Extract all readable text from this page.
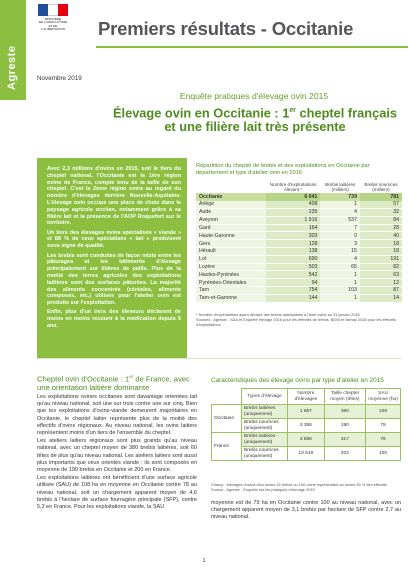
Agreste
MINISTÈRE
DE L'AGRICULTURE
ET DE
L'ALIMENTATION Premiers résultats - Occitanie
Novembre 2019
Enquête pratiques d'élevage ovin 2015
Élevage ovin en Occitanie : 1er cheptel français et une filière lait très présente

Avec 2,3 millions d'ovins en 2015, soit le tiers du cheptel national, l'Occitanie est la 1ère région ovine de France, compte tenu de la taille de son cheptel. C'est la 2ème région ovine au regard du nombre d'élevages derrière Nouvelle-Aquitaine. L'élevage ovin occupe une place de choix dans le paysage agricole occitan, notamment grâce à sa filière lait et la présence de l'AOP Roquefort sur le territoire.

Un tiers des élevages ovins spécialisés « viande » et 88 % de ceux spécialisés « lait » produisent sous signe de qualité.

Les brebis sont conduites de façon mixte entre les pâturages et les bâtiments d'élevage principalement sur litières de paille. Plus de la moitié des terres agricoles des exploitations laitières sont des surfaces pâturées. La majorité des aliments concentrés (céréales, aliments composés, etc.) utilisée pour l'atelier ovin est produite sur l'exploitation.

Enfin, plus d'un tiers des éleveurs déclarent de moins en moins recourir à la médication depuis 5 ans.

Répartition du cheptel de brebis et des exploitations en Occitanie par département et type d'atelier ovin en 2016
	Nombre d'exploitations élevant *	Brebis laitières (milliers)	Brebis nourrices (milliers)
Occitanie	6 041	739	781
Ariège	408	1	57
Aude	235	4	32
Aveyron	1 916	537	84
Gard	164	7	28
Haute-Garonne	303	0	40
Gers	128	3	18
Hérault	138	15	18
Lot	690	4	191
Lozère	503	65	82
Hautes-Pyrénées	542	1	63
Pyrénées-Orientales	94	1	12
Tarn	754	103	87
Tarn-et-Garonne	144	1	14
* Nombre d'exploitations ayant déclaré des brebis admissibles à l'aide ovine au 31 janvier 2016
Sources : Agreste - SAA et Enquête élevage 2016 pour les effectifs de brebis, BDNI et Isimap 2016 pour les effectifs d'exploitations
Cheptel ovin d'Occitanie : 1er de France, avec une orientation laitière dominante

Les exploitations ovines occitanes sont davantage orientées lait qu'au niveau national, soit une sur trois contre une sur cinq. Bien que les exploitations d'ovins-viande demeurent majoritaires en Occitanie, le cheptel laitier représente plus de la moitié des effectifs d'ovins régionaux. Au niveau national, les ovins laitiers représentent moins d'un tiers de l'ensemble du cheptel.

Les ateliers laitiers régionaux sont plus grands qu'au niveau national, avec un cheptel moyen de 380 brebis laitières, soit 60 têtes de plus qu'au niveau national. Les ateliers laitiers sont aussi plus importants que ceux orientés viande : ils sont composés en moyenne de 190 brebis en Occitanie et 200 en France.

Les exploitations laitières ont bénéficient d'une surface agricole utilisée (SAU) de 108 ha en moyenne en Occitanie contre 78 au niveau national, soit un chargement apparent moyen de 4,6 brebis à l'hectare de surface fourragère principale (SFP), contre 5,2 en France. Pour les exploitations viande, la SAU

Caractéristiques des élevage ovins par type d'atelier en 2015
	Types d'élevage	Nombre d'élevages	Taille cheptel moyen (têtes)	SAU moyenne (ha)
Occitanie	Brebis laitières (uniquement)	1 667	380	108
	Brebis nourrices (uniquement)	3 355	190	79
France	Brebis laitières (uniquement)	3 896	317	78
	Brebis nourrices (uniquement)	13 619	202	100
Champ : élevages d'ovins d'au moins 25 brebis ou 100 ovins représentant au moins 95 % des effectifs
Source : Agreste - Enquête sur les pratiques d'élevage 2015

moyenne est de 79 ha en Occitanie contre 100 au niveau national, avec un chargement apparent moyen de 3,1 brebis par hectare de SFP contre 2,7 au niveau national.

1
